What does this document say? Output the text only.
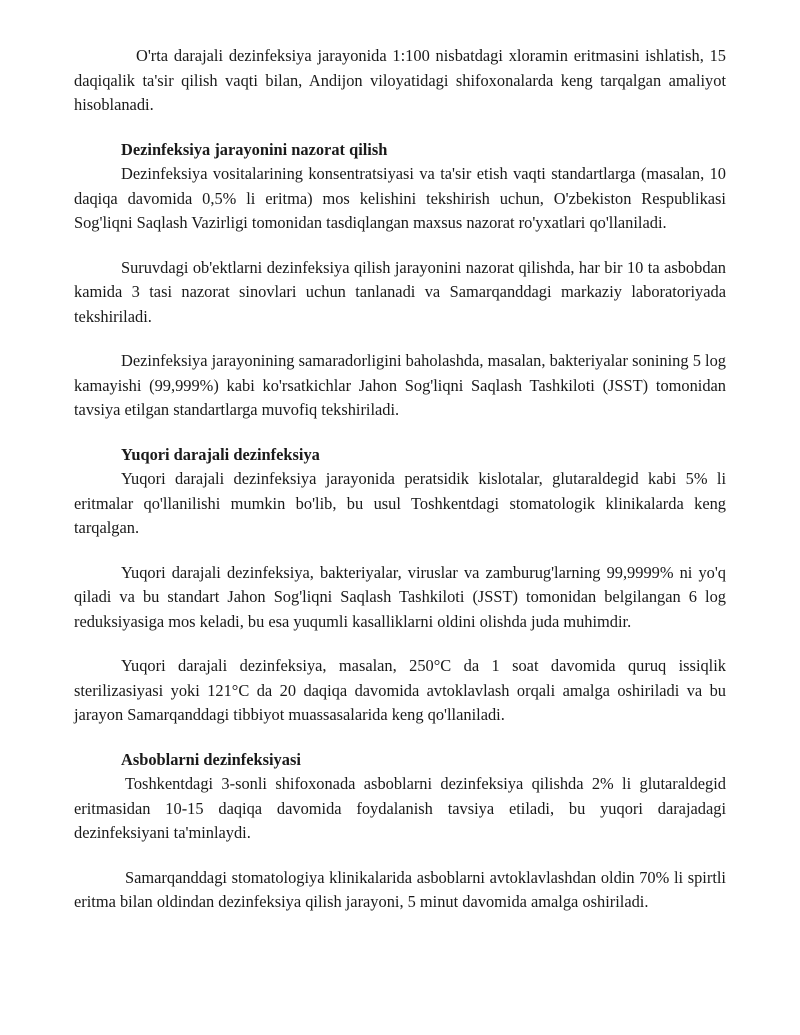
O'rta darajali dezinfeksiya jarayonida 1:100 nisbatdagi xloramin eritmasini ishlatish, 15 daqiqalik ta'sir qilish vaqti bilan, Andijon viloyatidagi shifoxonalarda keng tarqalgan amaliyot hisoblanadi.

Dezinfeksiya jarayonini nazorat qilish

Dezinfeksiya vositalarining konsentratsiyasi va ta'sir etish vaqti standartlarga (masalan, 10 daqiqa davomida 0,5% li eritma) mos kelishini tekshirish uchun, O'zbekiston Respublikasi Sog'liqni Saqlash Vazirligi tomonidan tasdiqlangan maxsus nazorat ro'yxatlari qo'llaniladi.

Suruvdagi ob'ektlarni dezinfeksiya qilish jarayonini nazorat qilishda, har bir 10 ta asbobdan kamida 3 tasi nazorat sinovlari uchun tanlanadi va Samarqanddagi markaziy laboratoriyada tekshiriladi.

Dezinfeksiya jarayonining samaradorligini baholashda, masalan, bakteriyalar sonining 5 log kamayishi (99,999%) kabi ko'rsatkichlar Jahon Sog'liqni Saqlash Tashkiloti (JSST) tomonidan tavsiya etilgan standartlarga muvofiq tekshiriladi.

Yuqori darajali dezinfeksiya

Yuqori darajali dezinfeksiya jarayonida peratsidik kislotalar, glutaraldegid kabi 5% li eritmalar qo'llanilishi mumkin bo'lib, bu usul Toshkentdagi stomatologik klinikalarda keng tarqalgan.

Yuqori darajali dezinfeksiya, bakteriyalar, viruslar va zamburug'larning 99,9999% ni yo'q qiladi va bu standart Jahon Sog'liqni Saqlash Tashkiloti (JSST) tomonidan belgilangan 6 log reduksiyasiga mos keladi, bu esa yuqumli kasalliklarni oldini olishda juda muhimdir.

Yuqori darajali dezinfeksiya, masalan, 250°C da 1 soat davomida quruq issiqlik sterilizasiyasi yoki 121°C da 20 daqiqa davomida avtoklavlash orqali amalga oshiriladi va bu jarayon Samarqanddagi tibbiyot muassasalarida keng qo'llaniladi.

Asboblarni dezinfeksiyasi

Toshkentdagi 3-sonli shifoxonada asboblarni dezinfeksiya qilishda 2% li glutaraldegid eritmasidan 10-15 daqiqa davomida foydalanish tavsiya etiladi, bu yuqori darajadagi dezinfeksiyani ta'minlaydi.

Samarqanddagi stomatologiya klinikalarida asboblarni avtoklavlashdan oldin 70% li spirtli eritma bilan oldindan dezinfeksiya qilish jarayoni, 5 minut davomida amalga oshiriladi.
